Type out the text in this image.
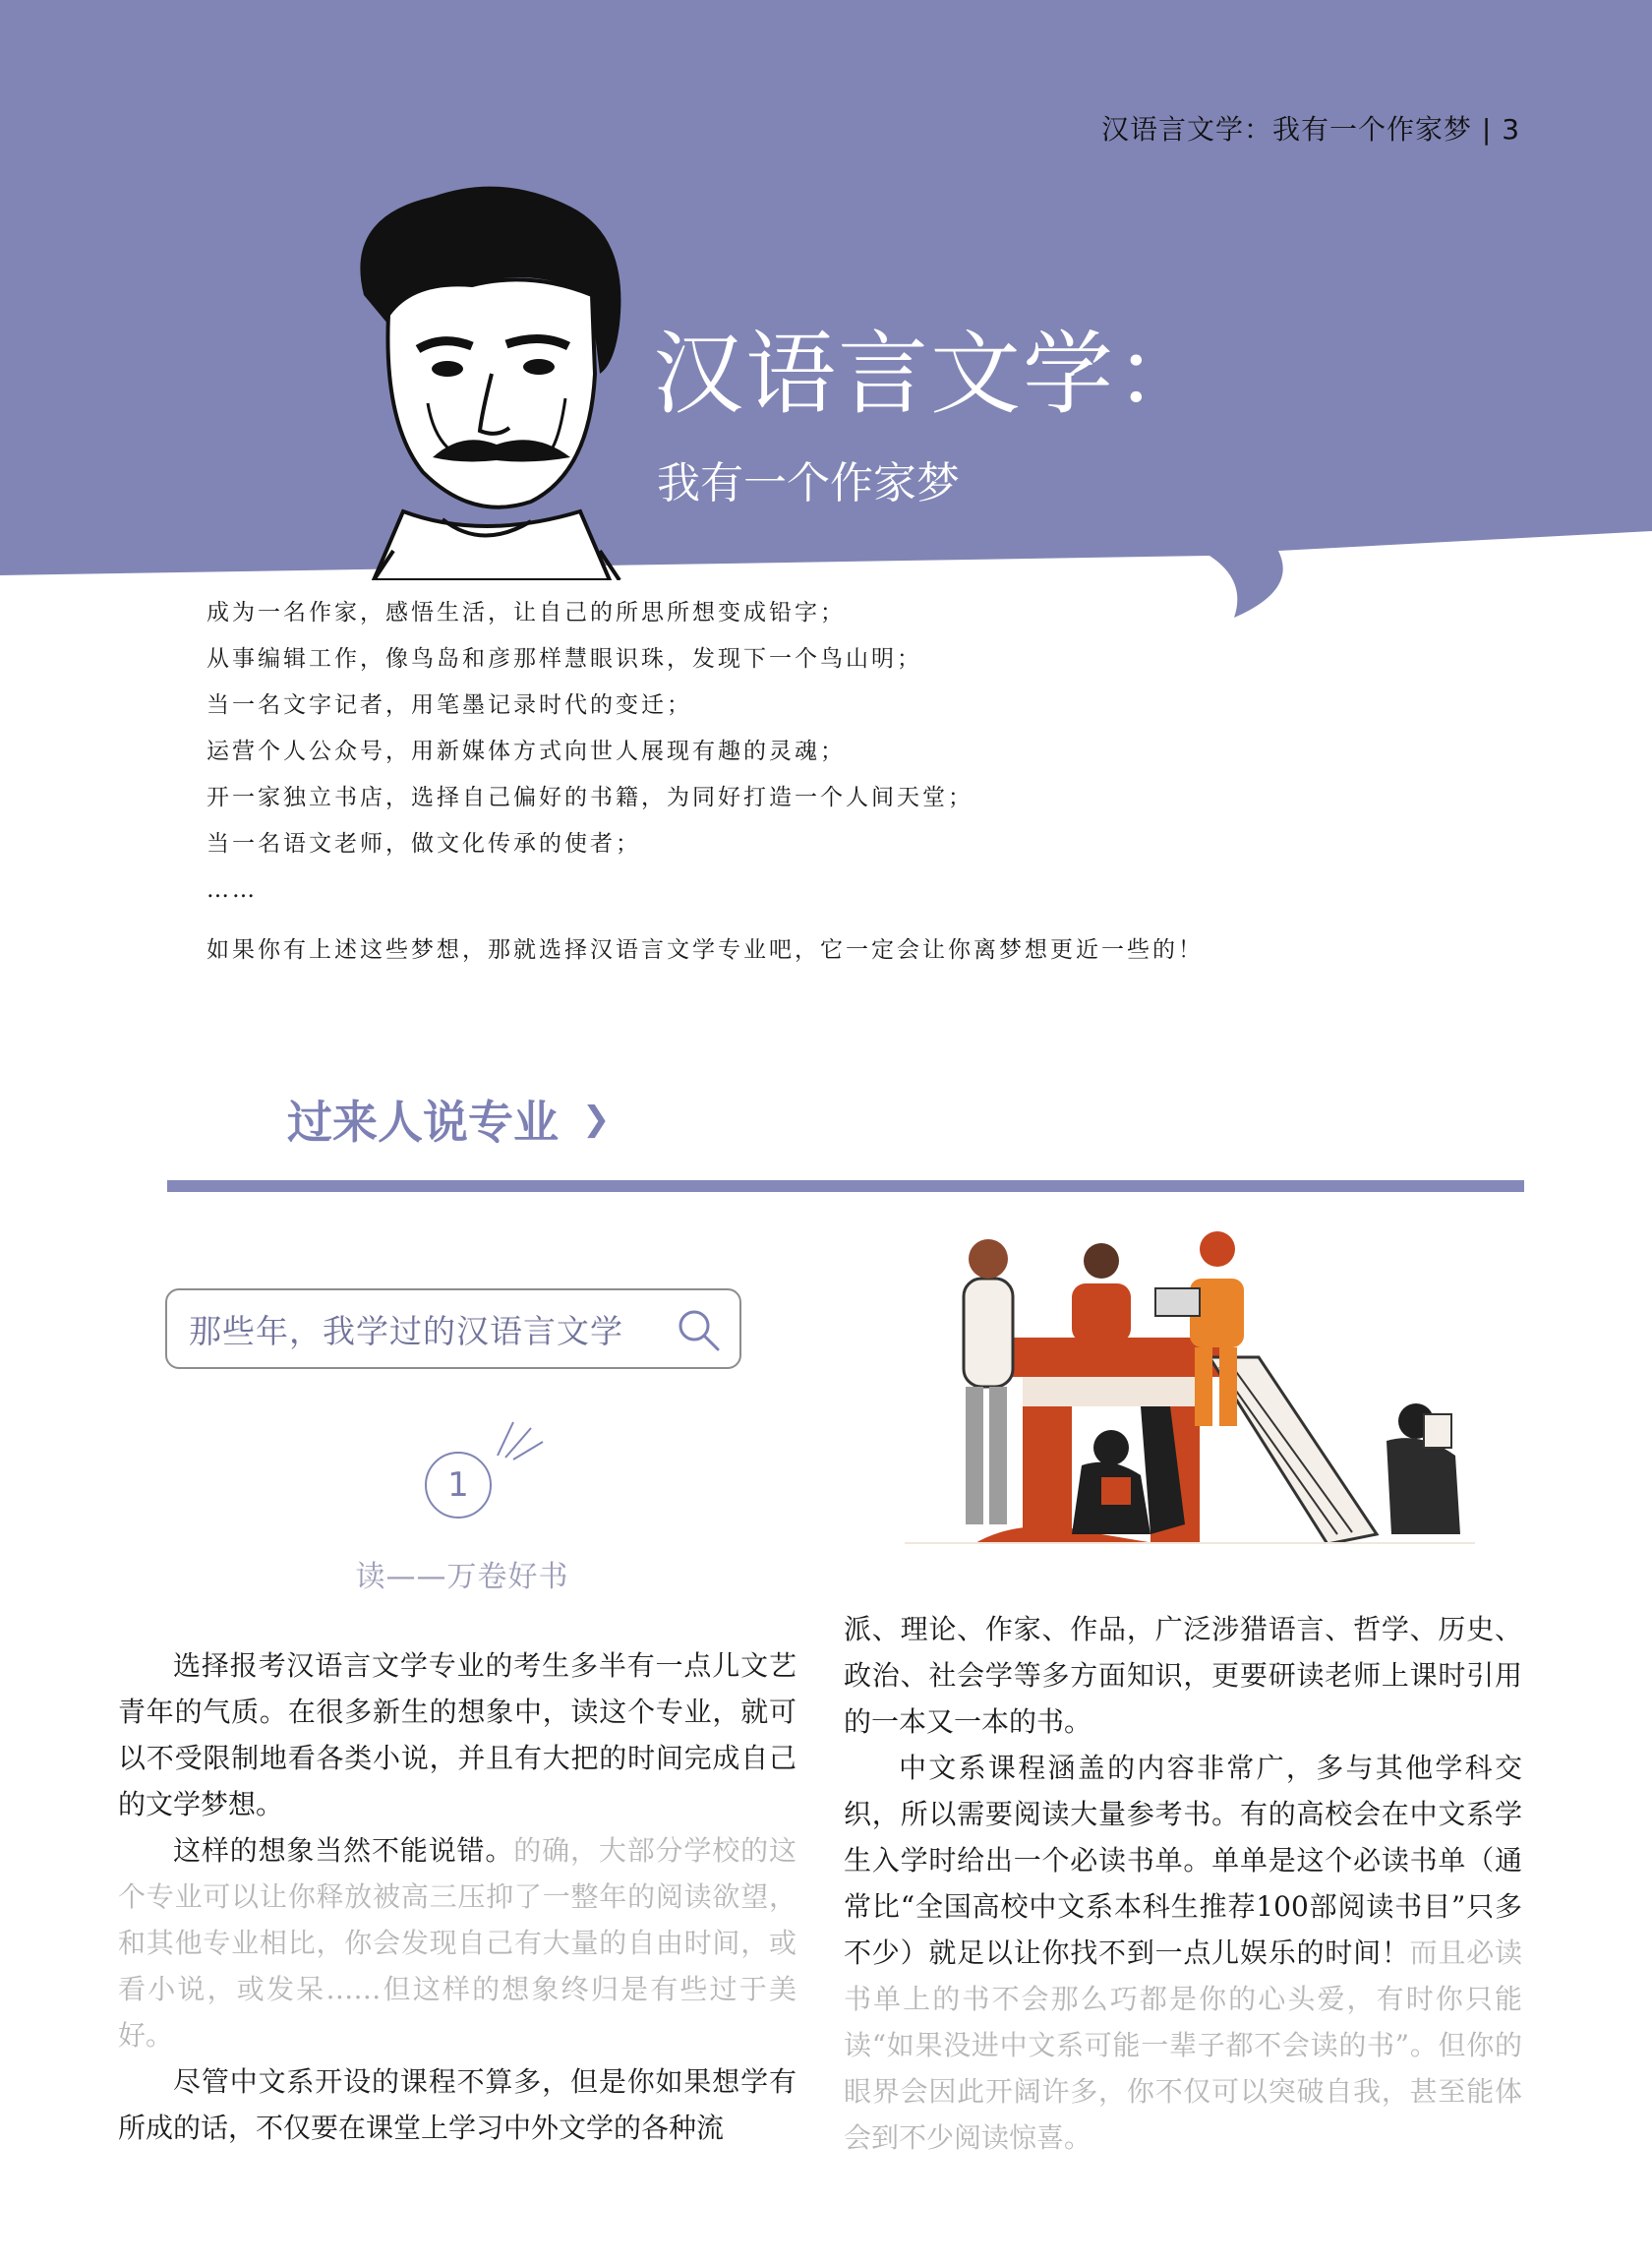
汉语言文学：我有一个作家梦 | 3
汉语言文学：
我有一个作家梦

成为一名作家，感悟生活，让自己的所思所想变成铅字；

从事编辑工作，像鸟岛和彦那样慧眼识珠，发现下一个鸟山明；

当一名文字记者，用笔墨记录时代的变迁；

运营个人公众号，用新媒体方式向世人展现有趣的灵魂；

开一家独立书店，选择自己偏好的书籍，为同好打造一个人间天堂；

当一名语文老师，做文化传承的使者；

……

如果你有上述这些梦想，那就选择汉语言文学专业吧，它一定会让你离梦想更近一些的！

过来人说专业 ❯
那些年，我学过的汉语言文学
1
读——万卷好书

选择报考汉语言文学专业的考生多半有一点儿文艺青年的气质。在很多新生的想象中，读这个专业，就可以不受限制地看各类小说，并且有大把的时间完成自己的文学梦想。

这样的想象当然不能说错。的确，大部分学校的这个专业可以让你释放被高三压抑了一整年的阅读欲望，和其他专业相比，你会发现自己有大量的自由时间，或看小说，或发呆……但这样的想象终归是有些过于美好。

尽管中文系开设的课程不算多，但是你如果想学有所成的话，不仅要在课堂上学习中外文学的各种流

派、理论、作家、作品，广泛涉猎语言、哲学、历史、政治、社会学等多方面知识，更要研读老师上课时引用的一本又一本的书。

中文系课程涵盖的内容非常广，多与其他学科交织，所以需要阅读大量参考书。有的高校会在中文系学生入学时给出一个必读书单。单单是这个必读书单（通常比“全国高校中文系本科生推荐100部阅读书目”只多不少）就足以让你找不到一点儿娱乐的时间！而且必读书单上的书不会那么巧都是你的心头爱，有时你只能读“如果没进中文系可能一辈子都不会读的书”。但你的眼界会因此开阔许多，你不仅可以突破自我，甚至能体会到不少阅读惊喜。
